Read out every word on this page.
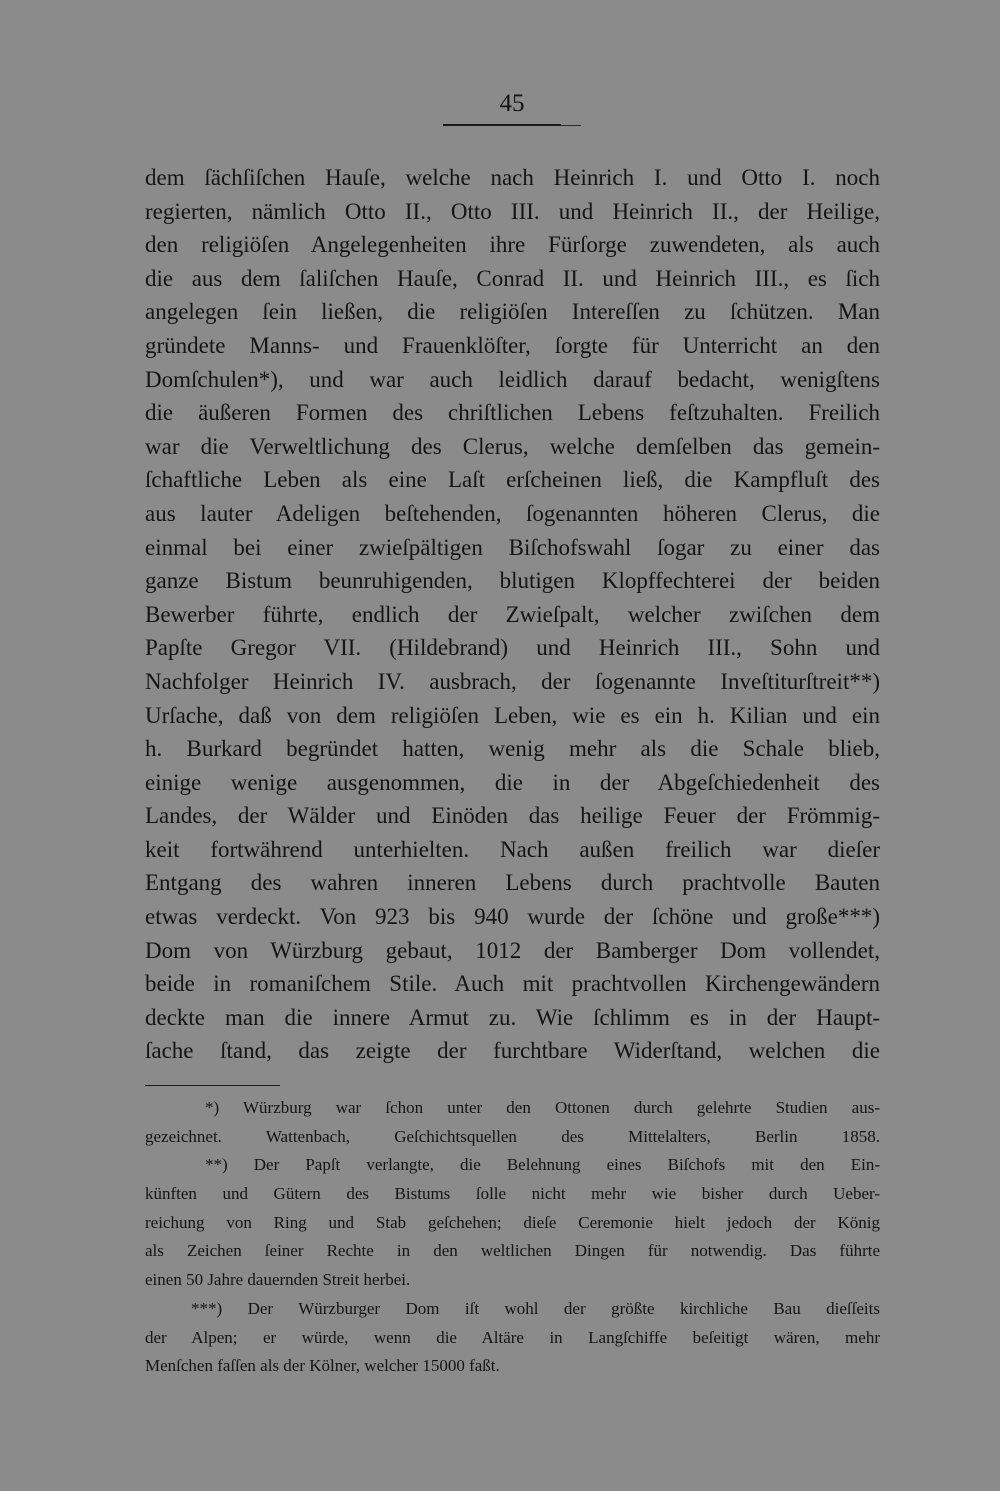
45
dem ſächſiſchen Hauſe, welche nach Heinrich I. und Otto I. noch
regierten, nämlich Otto II., Otto III. und Heinrich II., der Heilige,
den religiöſen Angelegenheiten ihre Fürſorge zuwendeten, als auch
die aus dem ſaliſchen Hauſe, Conrad II. und Heinrich III., es ſich
angelegen ſein ließen, die religiöſen Intereſſen zu ſchützen. Man
gründete Manns- und Frauenklöſter, ſorgte für Unterricht an den
Domſchulen*), und war auch leidlich darauf bedacht, wenigſtens
die äußeren Formen des chriſtlichen Lebens feſtzuhalten. Freilich
war die Verweltlichung des Clerus, welche demſelben das gemein-
ſchaftliche Leben als eine Laſt erſcheinen ließ, die Kampfluſt des
aus lauter Adeligen beſtehenden, ſogenannten höheren Clerus, die
einmal bei einer zwieſpältigen Biſchofswahl ſogar zu einer das
ganze Bistum beunruhigenden, blutigen Klopffechterei der beiden
Bewerber führte, endlich der Zwieſpalt, welcher zwiſchen dem
Papſte Gregor VII. (Hildebrand) und Heinrich III., Sohn und
Nachfolger Heinrich IV. ausbrach, der ſogenannte Inveſtiturſtreit**)
Urſache, daß von dem religiöſen Leben, wie es ein h. Kilian und ein
h. Burkard begründet hatten, wenig mehr als die Schale blieb,
einige wenige ausgenommen, die in der Abgeſchiedenheit des
Landes, der Wälder und Einöden das heilige Feuer der Frömmig-
keit fortwährend unterhielten. Nach außen freilich war dieſer
Entgang des wahren inneren Lebens durch prachtvolle Bauten
etwas verdeckt. Von 923 bis 940 wurde der ſchöne und große***)
Dom von Würzburg gebaut, 1012 der Bamberger Dom vollendet,
beide in romaniſchem Stile. Auch mit prachtvollen Kirchengewändern
deckte man die innere Armut zu. Wie ſchlimm es in der Haupt-
ſache ſtand, das zeigte der furchtbare Widerſtand, welchen die
*) Würzburg war ſchon unter den Ottonen durch gelehrte Studien aus-
gezeichnet. Wattenbach, Geſchichtsquellen des Mittelalters, Berlin 1858.
**) Der Papſt verlangte, die Belehnung eines Biſchofs mit den Ein-
künften und Gütern des Bistums ſolle nicht mehr wie bisher durch Ueber-
reichung von Ring und Stab geſchehen; dieſe Ceremonie hielt jedoch der König
als Zeichen ſeiner Rechte in den weltlichen Dingen für notwendig. Das führte
einen 50 Jahre dauernden Streit herbei.
***) Der Würzburger Dom iſt wohl der größte kirchliche Bau dieſſeits
der Alpen; er würde, wenn die Altäre in Langſchiffe beſeitigt wären, mehr
Menſchen faſſen als der Kölner, welcher 15000 faßt.
